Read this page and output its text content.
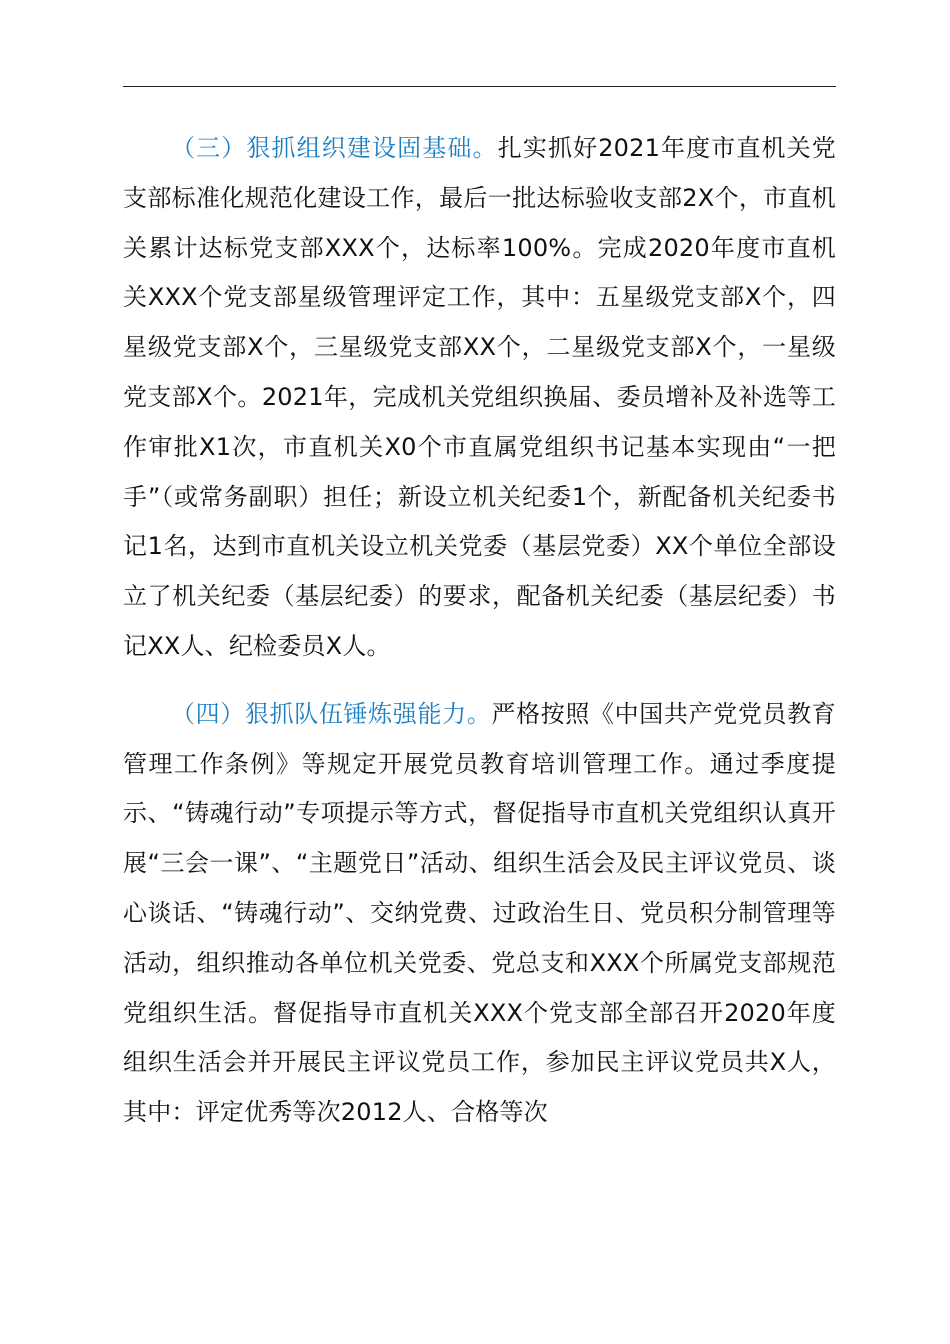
（三）狠抓组织建设固基础。扎实抓好2021年度市直机关党支部标准化规范化建设工作，最后一批达标验收支部2X个，市直机关累计达标党支部XXX个，达标率100%。完成2020年度市直机关XXX个党支部星级管理评定工作，其中：五星级党支部X个，四星级党支部X个，三星级党支部XX个，二星级党支部X个，一星级党支部X个。2021年，完成机关党组织换届、委员增补及补选等工作审批X1次，市直机关X0个市直属党组织书记基本实现由“一把手”（或常务副职）担任；新设立机关纪委1个，新配备机关纪委书记1名，达到市直机关设立机关党委（基层党委）XX个单位全部设立了机关纪委（基层纪委）的要求，配备机关纪委（基层纪委）书记XX人、纪检委员X人。

（四）狠抓队伍锤炼强能力。严格按照《中国共产党党员教育管理工作条例》等规定开展党员教育培训管理工作。通过季度提示、“铸魂行动”专项提示等方式，督促指导市直机关党组织认真开展“三会一课”、“主题党日”活动、组织生活会及民主评议党员、谈心谈话、“铸魂行动”、交纳党费、过政治生日、党员积分制管理等活动，组织推动各单位机关党委、党总支和XXX个所属党支部规范党组织生活。督促指导市直机关XXX个党支部全部召开2020年度组织生活会并开展民主评议党员工作，参加民主评议党员共X人，其中：评定优秀等次2012人、合格等次
